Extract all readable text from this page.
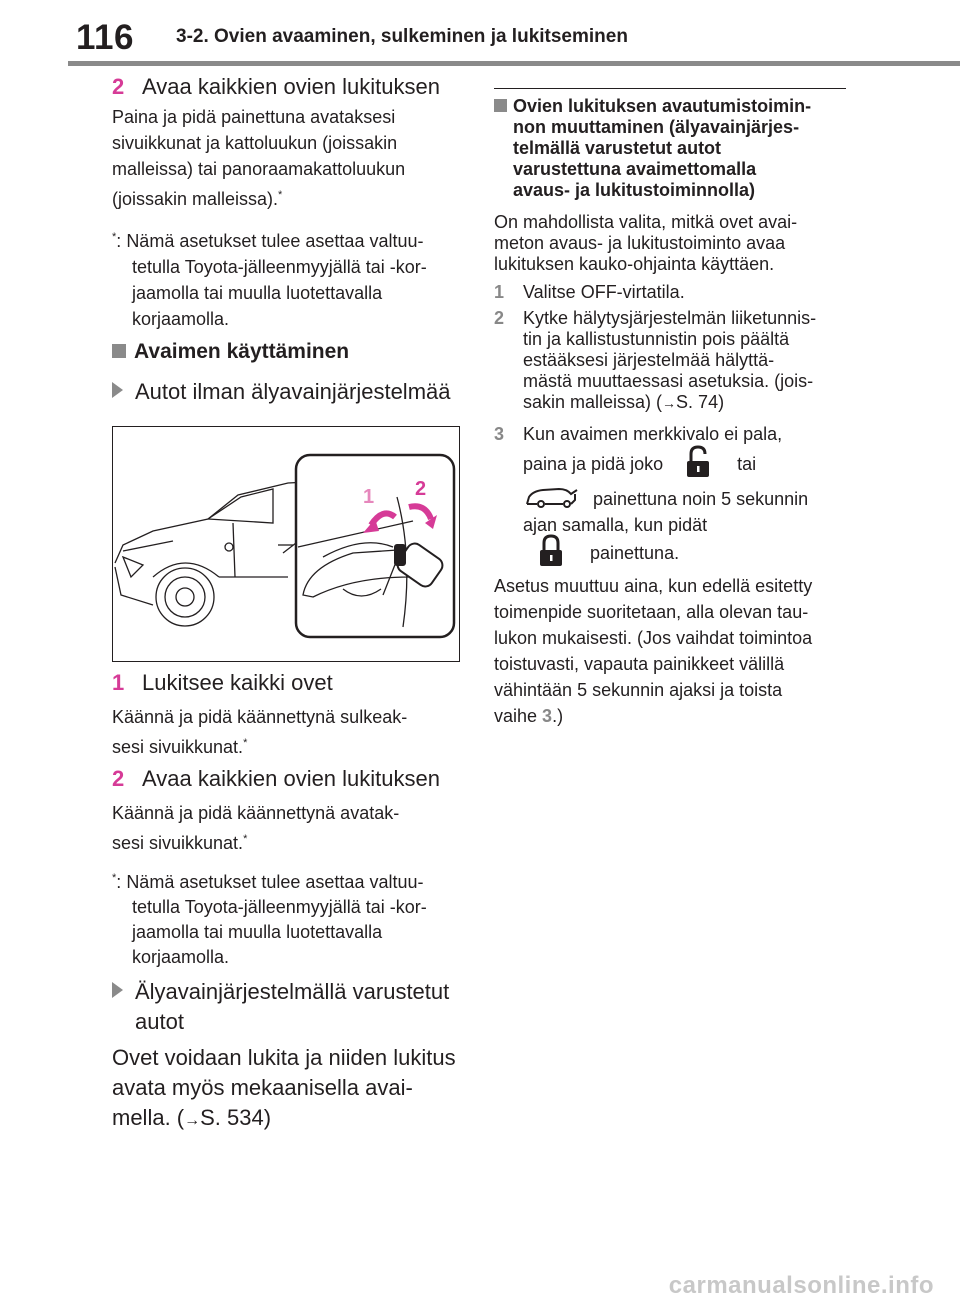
116 3-2. Ovien avaaminen, sulkeminen ja lukitseminen
2 Avaa kaikkien ovien lukituksen
Paina ja pidä painettuna avataksesi
sivuikkunat ja kattoluukun (joissakin
malleissa) tai panoraamakattoluukun
(joissakin malleissa).*
*: Nämä asetukset tulee asettaa valtuu-
tetulla Toyota-jälleenmyyjällä tai -kor-
jaamolla tai muulla luotettavalla
korjaamolla.
Avaimen käyttäminen
Autot ilman älyavainjärjestelmää
1 2
1 Lukitsee kaikki ovet
Käännä ja pidä käännettynä sulkeak-
sesi sivuikkunat.*
2 Avaa kaikkien ovien lukituksen
Käännä ja pidä käännettynä avatak-
sesi sivuikkunat.*
*: Nämä asetukset tulee asettaa valtuu-
tetulla Toyota-jälleenmyyjällä tai -kor-
jaamolla tai muulla luotettavalla
korjaamolla.
Älyavainjärjestelmällä varustetut
autot
Ovet voidaan lukita ja niiden lukitus
avata myös mekaanisella avai-
mella. (→S. 534)
Ovien lukituksen avautumistoimin-
non muuttaminen (älyavainjärjes-
telmällä varustetut autot
varustettuna avaimettomalla
avaus- ja lukitustoiminnolla)
On mahdollista valita, mitkä ovet avai-
meton avaus- ja lukitustoiminto avaa
lukituksen kauko-ohjainta käyttäen.
1 Valitse OFF-virtatila.
2 Kytke hälytysjärjestelmän liiketunnis-
tin ja kallistustunnistin pois päältä
estääksesi järjestelmää hälyttä-
mästä muuttaessasi asetuksia. (jois-
sakin malleissa) (→S. 74)
3 Kun avaimen merkkivalo ei pala,
paina ja pidä joko	tai
painettuna noin 5 sekunnin
ajan samalla, kun pidät
painettuna.
Asetus muuttuu aina, kun edellä esitetty
toimenpide suoritetaan, alla olevan tau-
lukon mukaisesti. (Jos vaihdat toimintoa
toistuvasti, vapauta painikkeet välillä
vähintään 5 sekunnin ajaksi ja toista
vaihe 3.)
carmanualsonline.info
